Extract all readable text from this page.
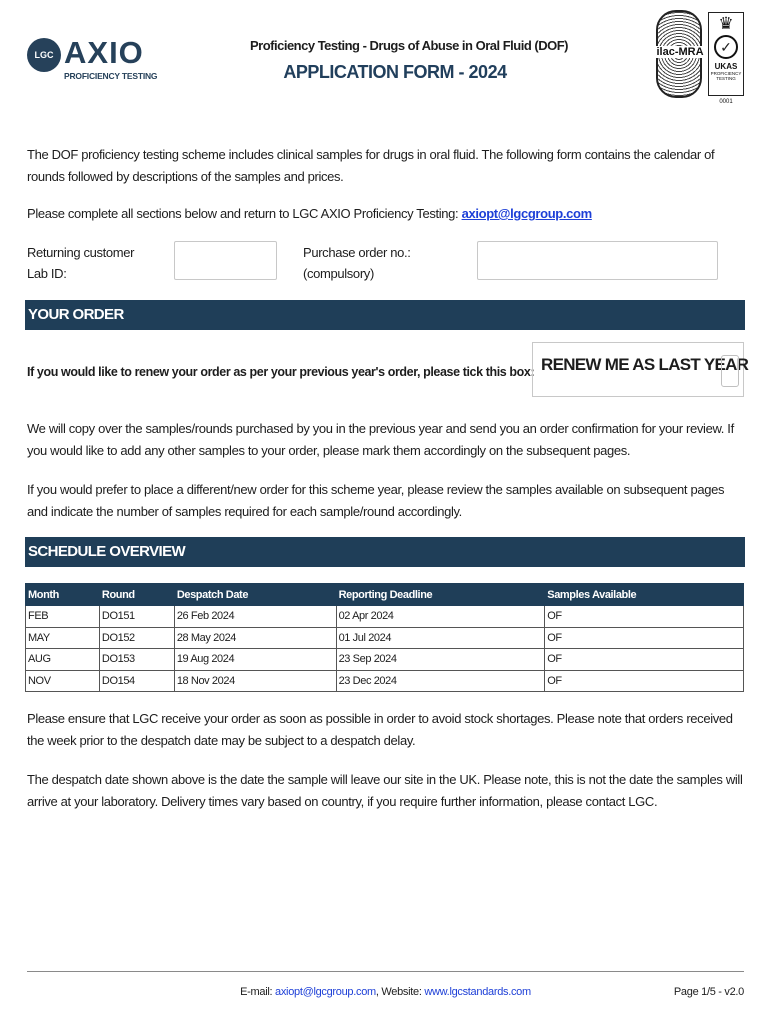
LGC AXIO
PROFICIENCY TESTING
Proficiency Testing - Drugs of Abuse in Oral Fluid (DOF)
APPLICATION FORM - 2024
ilac-MRA
♛
✓
UKAS
PROFICIENCY TESTING
0001
The DOF proficiency testing scheme includes clinical samples for drugs in oral fluid. The following form contains the calendar of rounds followed by descriptions of the samples and prices.
Please complete all sections below and return to LGC AXIO Proficiency Testing: axiopt@lgcgroup.com
Returning customer Lab ID:
Purchase order no.:
(compulsory)
YOUR ORDER
If you would like to renew your order as per your previous year's order, please tick this box: RENEW ME AS LAST YEAR
We will copy over the samples/rounds purchased by you in the previous year and send you an order confirmation for your review. If you would like to add any other samples to your order, please mark them accordingly on the subsequent pages.
If you would prefer to place a different/new order for this scheme year, please review the samples available on subsequent pages and indicate the number of samples required for each sample/round accordingly.
SCHEDULE OVERVIEW
Month	Round	Despatch Date	Reporting Deadline	Samples Available
FEB	DO151	26 Feb 2024	02 Apr 2024	OF
MAY	DO152	28 May 2024	01 Jul 2024	OF
AUG	DO153	19 Aug 2024	23 Sep 2024	OF
NOV	DO154	18 Nov 2024	23 Dec 2024	OF
Please ensure that LGC receive your order as soon as possible in order to avoid stock shortages. Please note that orders received the week prior to the despatch date may be subject to a despatch delay.
The despatch date shown above is the date the sample will leave our site in the UK. Please note, this is not the date the samples will arrive at your laboratory. Delivery times vary based on country, if you require further information, please contact LGC.
E-mail: axiopt@lgcgroup.com, Website: www.lgcstandards.com	Page 1/5 - v2.0
